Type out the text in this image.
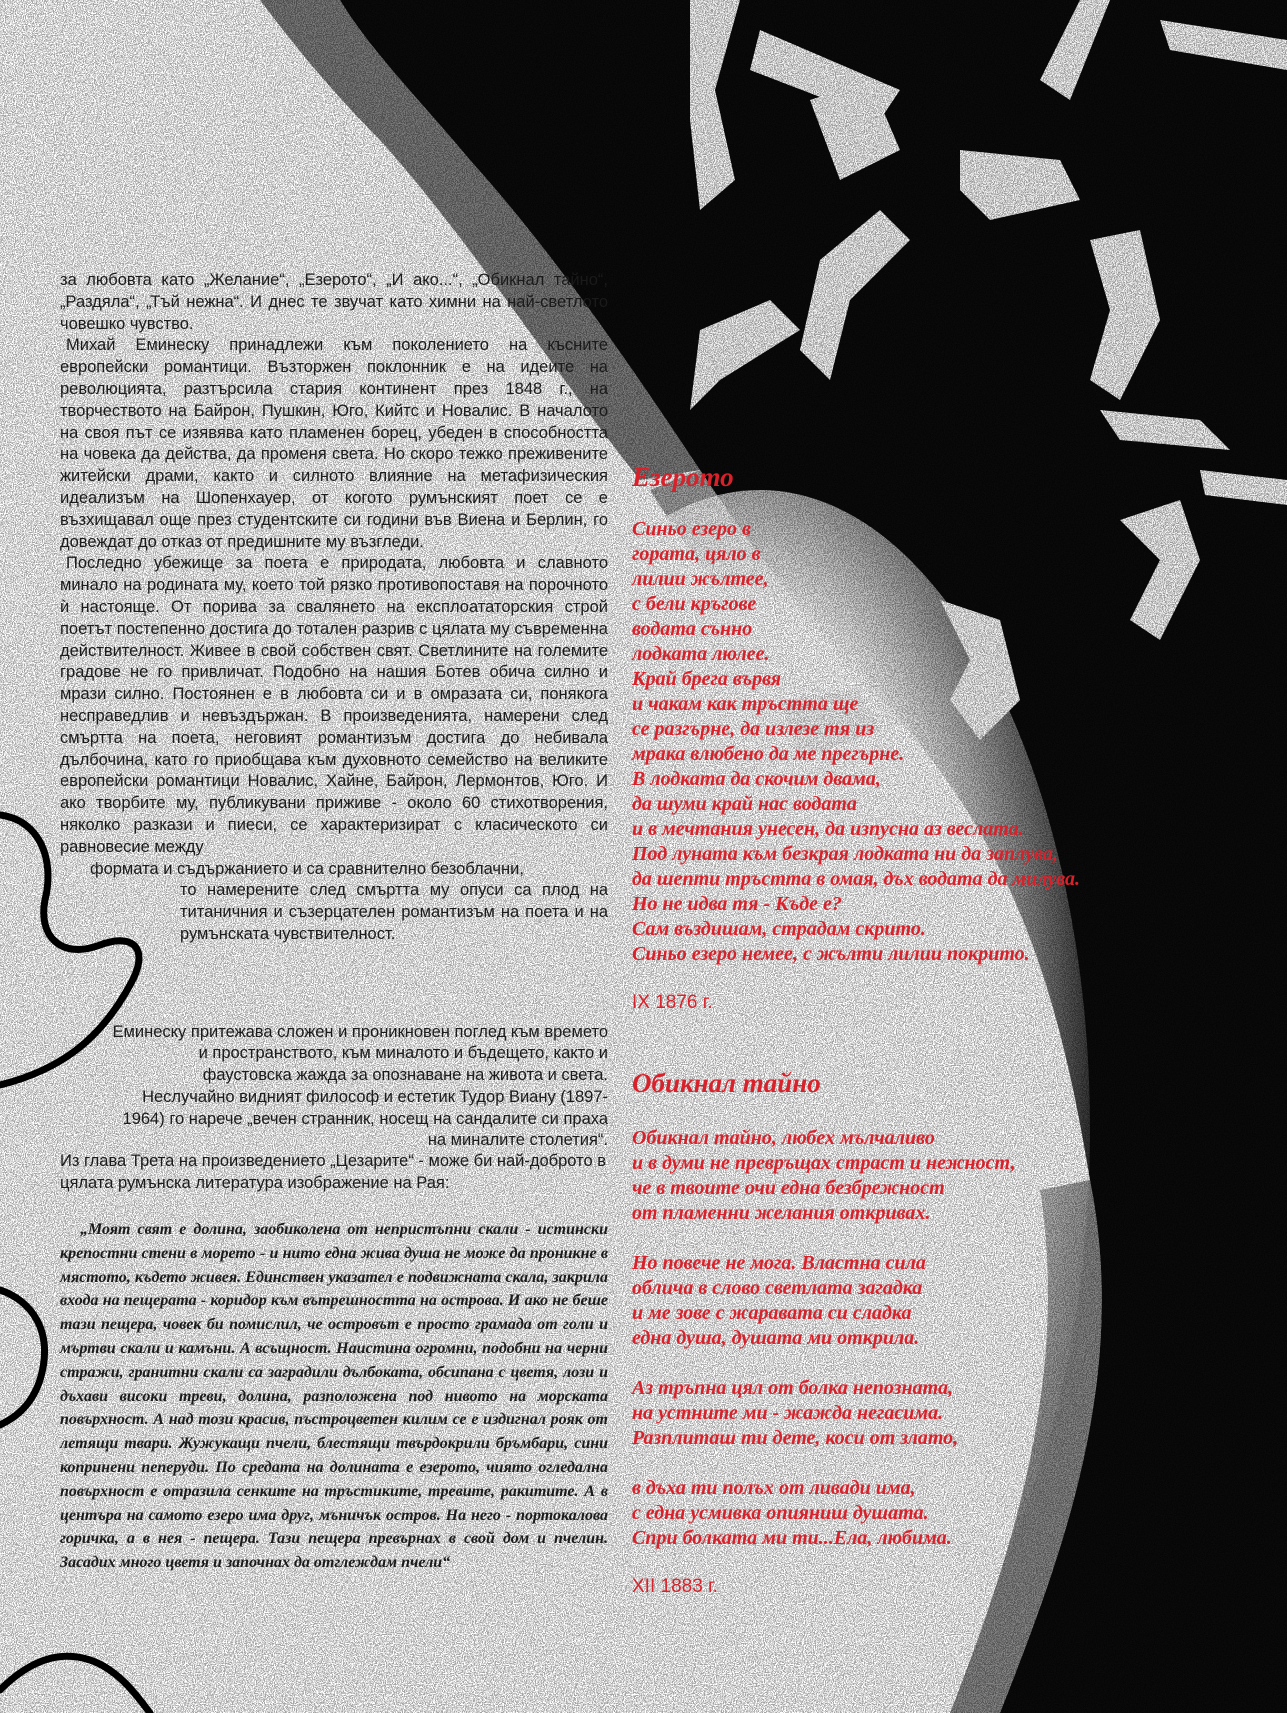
за любовта като „Желание“, „Езерото“, „И ако...“, „Обикнал тайно“, „Раздяла“, „Тъй нежна“. И днес те звучат като химни на най-светлото човешко чувство.

Михай Еминеску принадлежи към поколението на късните европейски романтици. Възторжен поклонник е на идеите на революцията, разтърсила стария континент през 1848 г., на творчеството на Байрон, Пушкин, Юго, Кийтс и Новалис. В началото на своя път се изявява като пламенен борец, убеден в способността на човека да действа, да променя света. Но скоро тежко преживените житейски драми, както и силното влияние на метафизическия идеализъм на Шопенхауер, от когото румънският поет се е възхищавал още през студентските си години във Виена и Берлин, го довеждат до отказ от предишните му възгледи.

Последно убежище за поета е природата, любовта и славното минало на родината му, което той рязко противопоставя на порочното ѝ настояще. От порива за свалянето на експлоататорския строй поетът постепенно достига до тотален разрив с цялата му съвременна действителност. Живее в свой собствен свят. Светлините на големите градове не го привличат. Подобно на нашия Ботев обича силно и мрази силно. Постоянен е в любовта си и в омразата си, понякога несправедлив и невъздържан. В произведенията, намерени след смъртта на поета, неговият романтизъм достига до небивала дълбочина, като го приобщава към духовното семейство на великите европейски романтици Новалис, Хайне, Байрон, Лермонтов, Юго. И ако творбите му, публикувани приживе - около 60 стихотворения, няколко разкази и пиеси, се характеризират с класическото си равновесие между

формата и съдържанието и са сравнително безоблачни,

то намерените след смъртта му опуси са плод на титаничния и съзерцателен романтизъм на поета и на румънската чувствителност.

Еминеску притежава сложен и проникновен поглед към времето и пространството, към миналото и бъдещето, както и фаустовска жажда за опознаване на живота и света. Неслучайно видният философ и естетик Тудор Виану (1897- 1964) го нарече „вечен странник, носещ на сандалите си праха на миналите столетия“.

Из глава Трета на произведението „Цезарите“ - може би най-доброто в цялата румънска литература изображение на Рая:

„Моят свят е долина, заобиколена от непристъпни скали - истински крепостни стени в морето - и нито една жива душа не може да проникне в мястото, където живея. Единствен указател е подвижната скала, закрила входа на пещерата - коридор към вътрешността на острова. И ако не беше тази пещера, човек би помислил, че островът е просто грамада от голи и мъртви скали и камъни. А всъщност. Наистина огромни, подобни на черни стражи, гранитни скали са заградили дълбоката, обсипана с цветя, лози и дъхави високи треви, долина, разположена под нивото на морската повърхност. А над този красив, пъстроцветен килим се е издигнал рояк от летящи твари. Жужукащи пчели, блестящи твърдокрили бръмбари, сини копринени пеперуди. По средата на долината е езерото, чиято огледална повърхност е отразила сенките на тръстиките, тревите, ракитите. А в центъра на самото езеро има друг, мъничък остров. На него - портокалова горичка, а в нея - пещера. Тази пещера превърнах в свой дом и пчелин. Засадих много цветя и започнах да отглеждам пчели“

Езерото
Синьо езеро в
гората, цяло в
лилии жълтее,
с бели кръгове
водата сънно
лодката люлее.
Край брега вървя
и чакам как тръстта ще
се разгърне, да излезе тя из
мрака влюбено да ме прегърне.
В лодката да скочим двама,
да шуми край нас водата
и в мечтания унесен, да изпусна аз веслата.
Под луната към безкрая лодката ни да заплува,
да шепти тръстта в омая, дъх водата да милува.
Но не идва тя - Къде е?
Сам въздишам, страдам скрито.
Синьо езеро немее, с жълти лилии покрито.

IX 1876 г.

Обикнал тайно
Обикнал тайно, любех мълчаливо
и в думи не превръщах страст и нежност,
че в твоите очи една безбрежност
от пламенни желания откривах.
Но повече не мога. Властна сила
облича в слово светлата загадка
и ме зове с жаравата си сладка
една душа, душата ми открила.
Аз тръпна цял от болка непозната,
на устните ми - жажда негасима.
Разплиташ ти дете, коси от злато,
в дъха ти полъх от ливади има,
с една усмивка опияниш душата.
Спри болката ми ти...Ела, любима.

XII 1883 г.
